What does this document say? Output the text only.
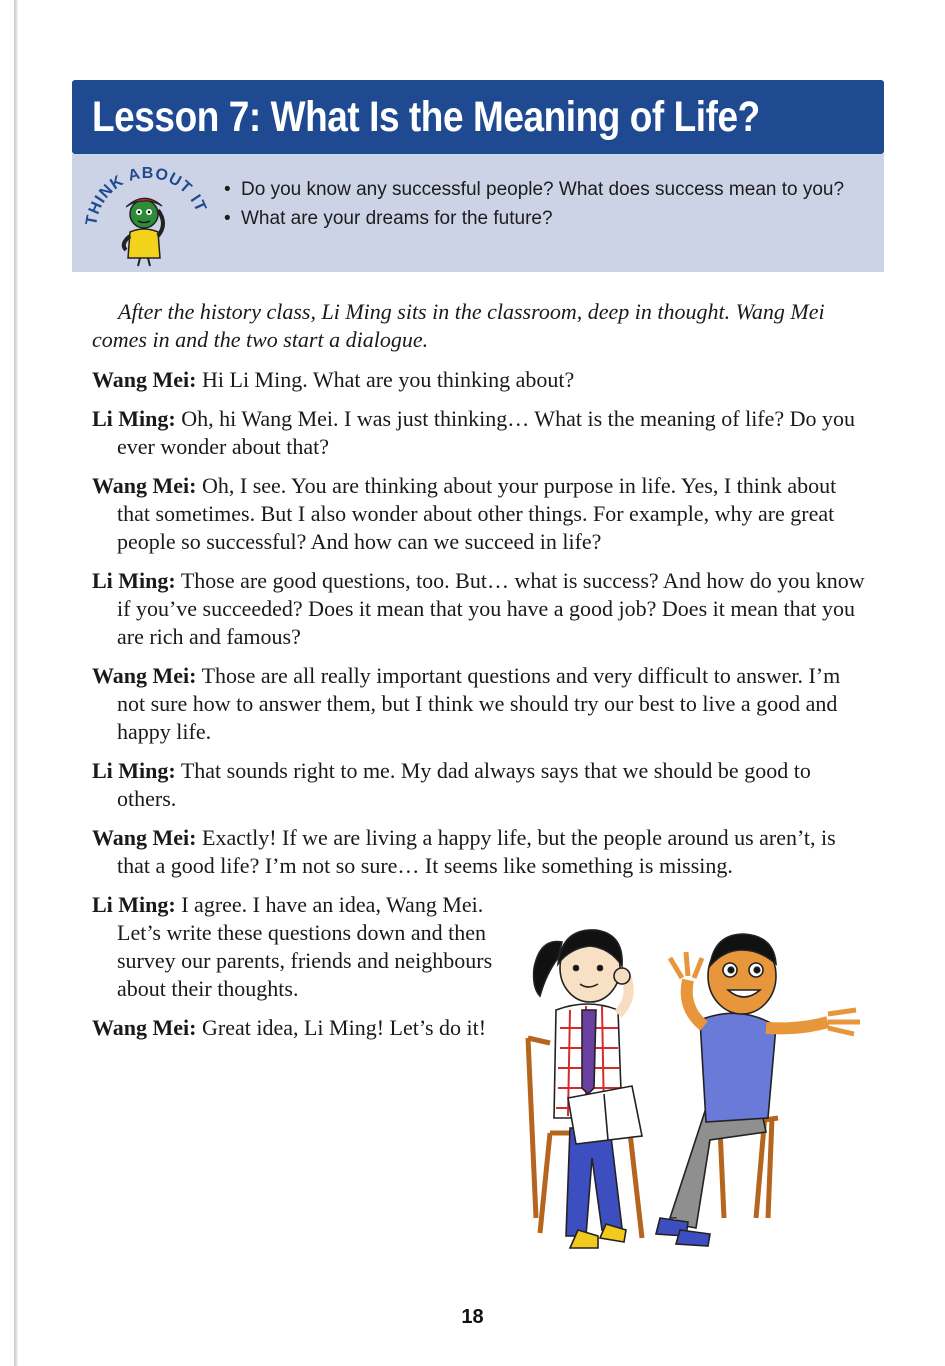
Lesson 7: What Is the Meaning of Life?
THINK ABOUT IT
• Do you know any successful people? What does success mean to you?
• What are your dreams for the future?

After the history class, Li Ming sits in the classroom, deep in thought. Wang Mei comes in and the two start a dialogue.

Wang Mei: Hi Li Ming. What are you thinking about?

Li Ming: Oh, hi Wang Mei. I was just thinking… What is the meaning of life? Do you ever wonder about that?

Wang Mei: Oh, I see. You are thinking about your purpose in life. Yes, I think about that sometimes. But I also wonder about other things. For example, why are great people so successful? And how can we succeed in life?

Li Ming: Those are good questions, too. But… what is success? And how do you know if you’ve succeeded? Does it mean that you have a good job? Does it mean that you are rich and famous?

Wang Mei: Those are all really important questions and very difficult to answer. I’m not sure how to answer them, but I think we should try our best to live a good and happy life.

Li Ming: That sounds right to me. My dad always says that we should be good to others.

Wang Mei: Exactly! If we are living a happy life, but the people around us aren’t, is that a good life? I’m not so sure… It seems like something is missing.

Li Ming: I agree. I have an idea, Wang Mei. Let’s write these questions down and then survey our parents, friends and neighbours about their thoughts.

Wang Mei: Great idea, Li Ming! Let’s do it!

18
